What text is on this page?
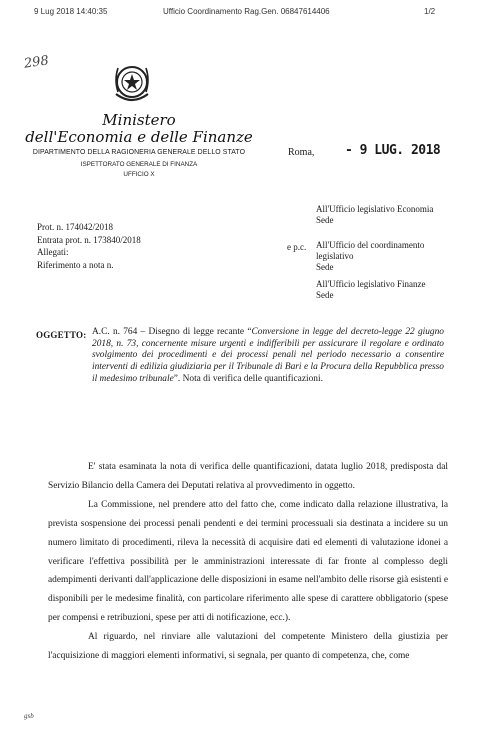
9 Lug 2018 14:40:35	Ufficio Coordinamento Rag.Gen. 06847614406	1/2
298
Ministero
dell'Economia e delle Finanze
DIPARTIMENTO DELLA RAGIONERIA GENERALE DELLO STATO
ISPETTORATO GENERALE DI FINANZA
UFFICIO X
Roma, - 9 LUG. 2018
Prot. n. 174042/2018
Entrata prot. n. 173840/2018
Allegati:
Riferimento a nota n.
All'Ufficio legislativo Economia
Sede
e p.c. All'Ufficio del coordinamento
legislativo
Sede
All'Ufficio legislativo Finanze
Sede
OGGETTO: A.C. n. 764 – Disegno di legge recante “Conversione in legge del decreto-legge 22 giugno 2018, n. 73, concernente misure urgenti e indifferibili per assicurare il regolare e ordinato svolgimento dei procedimenti e dei processi penali nel periodo necessario a consentire interventi di edilizia giudiziaria per il Tribunale di Bari e la Procura della Repubblica presso il medesimo tribunale”. Nota di verifica delle quantificazioni.

E' stata esaminata la nota di verifica delle quantificazioni, datata luglio 2018, predisposta dal Servizio Bilancio della Camera dei Deputati relativa al provvedimento in oggetto.

La Commissione, nel prendere atto del fatto che, come indicato dalla relazione illustrativa, la prevista sospensione dei processi penali pendenti e dei termini processuali sia destinata a incidere su un numero limitato di procedimenti, rileva la necessità di acquisire dati ed elementi di valutazione idonei a verificare l'effettiva possibilità per le amministrazioni interessate di far fronte al complesso degli adempimenti derivanti dall'applicazione delle disposizioni in esame nell'ambito delle risorse già esistenti e disponibili per le medesime finalità, con particolare riferimento alle spese di carattere obbligatorio (spese per compensi e retribuzioni, spese per atti di notificazione, ecc.).

Al riguardo, nel rinviare alle valutazioni del competente Ministero della giustizia per l'acquisizione di maggiori elementi informativi, si segnala, per quanto di competenza, che, come

gsb
